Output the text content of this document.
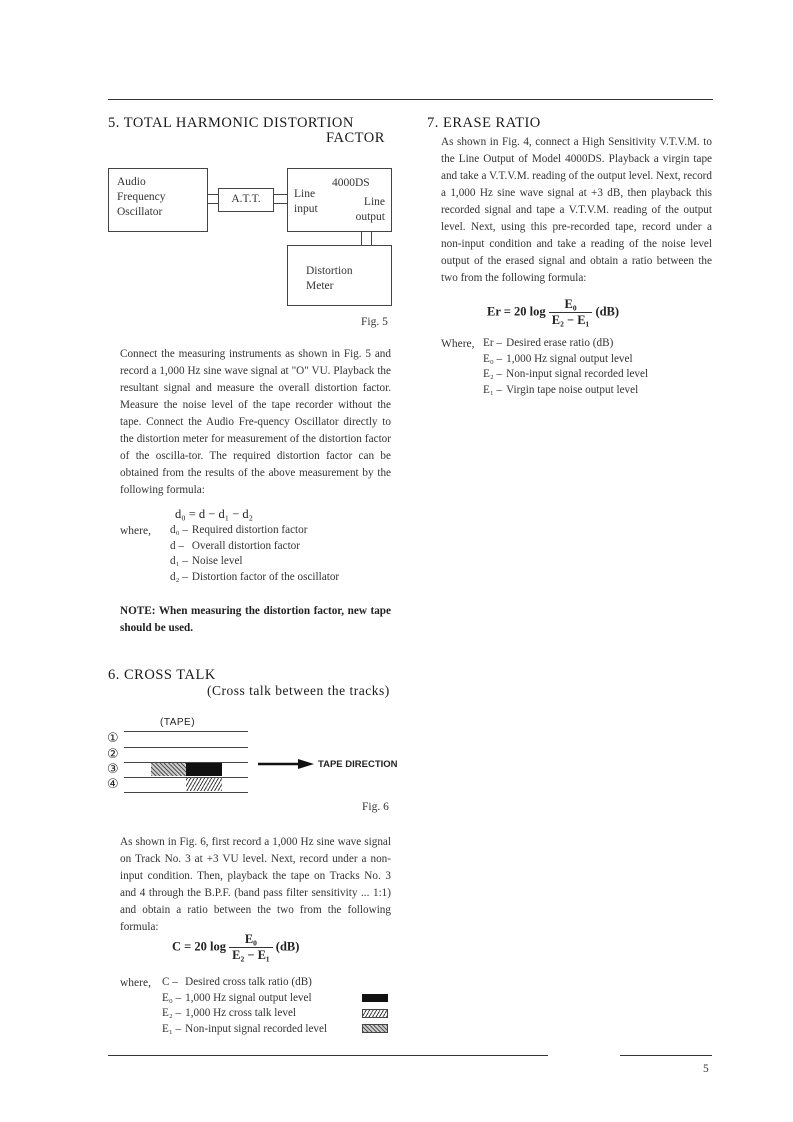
5. TOTAL HARMONIC DISTORTION
FACTOR
Audio
Frequency
Oscillator
A.T.T.
4000DS
Line
input
Line
output
Distortion
Meter
Fig. 5
Connect the measuring instruments as shown in Fig. 5 and record a 1,000 Hz sine wave signal at "O" VU. Playback the resultant signal and measure the overall distortion factor. Measure the noise level of the tape recorder without the tape. Connect the Audio Fre-quency Oscillator directly to the distortion meter for measurement of the distortion factor of the oscilla-tor. The required distortion factor can be obtained from the results of the above measurement by the following formula:
d₀ = d − d₁ − d₂
where, d₀ –	Required distortion factor
d –	Overall distortion factor
d₁ –	Noise level
d₂ –	Distortion factor of the oscillator
NOTE: When measuring the distortion factor, new tape should be used.
6. CROSS TALK
(Cross talk between the tracks)
(TAPE)
①
②
③
④
TAPE DIRECTION
Fig. 6
As shown in Fig. 6, first record a 1,000 Hz sine wave signal on Track No. 3 at +3 VU level. Next, record under a non-input condition. Then, playback the tape on Tracks No. 3 and 4 through the B.P.F. (band pass filter sensitivity ... 1:1) and obtain a ratio between the two from the following formula:
C = 20 $\log \frac{\text{E₀}}{\text{E₂ − E₁}} (dB)$
where, C –	Desired cross talk ratio (dB)
E₀ –	1,000 Hz signal output level
E₂ –	1,000 Hz cross talk level
E₁ –	Non-input signal recorded level
7. ERASE RATIO
As shown in Fig. 4, connect a High Sensitivity V.T.V.M. to the Line Output of Model 4000DS. Playback a virgin tape and take a V.T.V.M. reading of the output level. Next, record a 1,000 Hz sine wave signal at +3 dB, then playback this recorded signal and tape a V.T.V.M. reading of the output level. Next, using this pre-recorded tape, record under a non-input condition and take a reading of the noise level output of the erased signal and obtain a ratio between the two from the following formula:
Er = 20 $\log \frac{\text{E₀}}{\text{E₂ − E₁}} (dB)$
Where, Er –	Desired erase ratio (dB)
E₀ –	1,000 Hz signal output level
E₂ –	Non-input signal recorded level
E₁ –	Virgin tape noise output level
5
